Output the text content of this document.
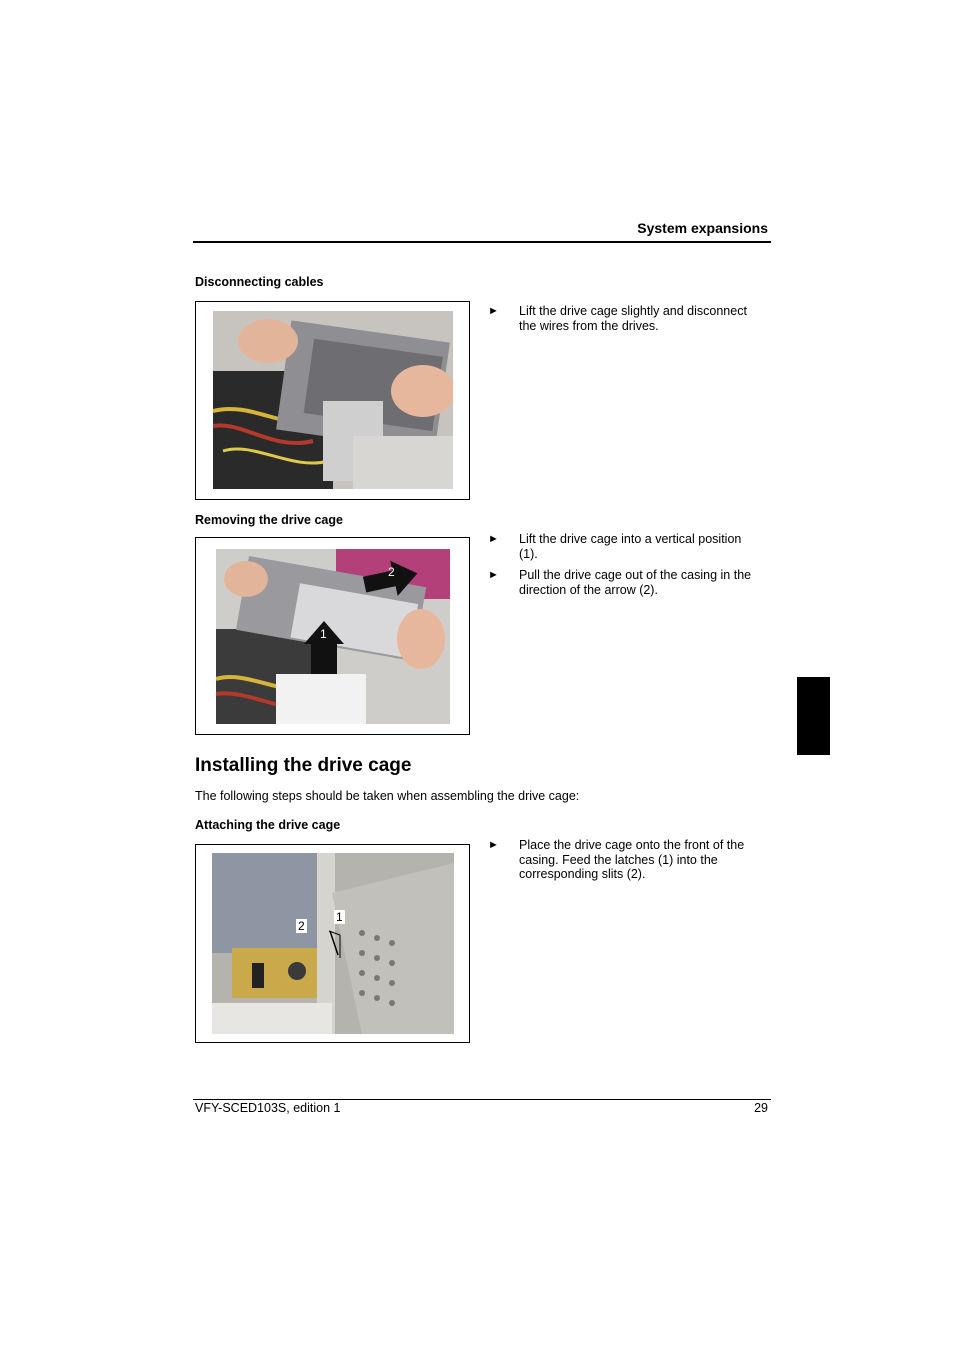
System expansions
Disconnecting cables
► Lift the drive cage slightly and disconnect the wires from the drives.
Removing the drive cage
1
2
► Lift the drive cage into a vertical position (1).
► Pull the drive cage out of the casing in the direction of the arrow (2).
Installing the drive cage
The following steps should be taken when assembling the drive cage:
Attaching the drive cage
2
1
► Place the drive cage onto the front of the casing. Feed the latches (1) into the corresponding slits (2).
VFY-SCED103S, edition 1	29
